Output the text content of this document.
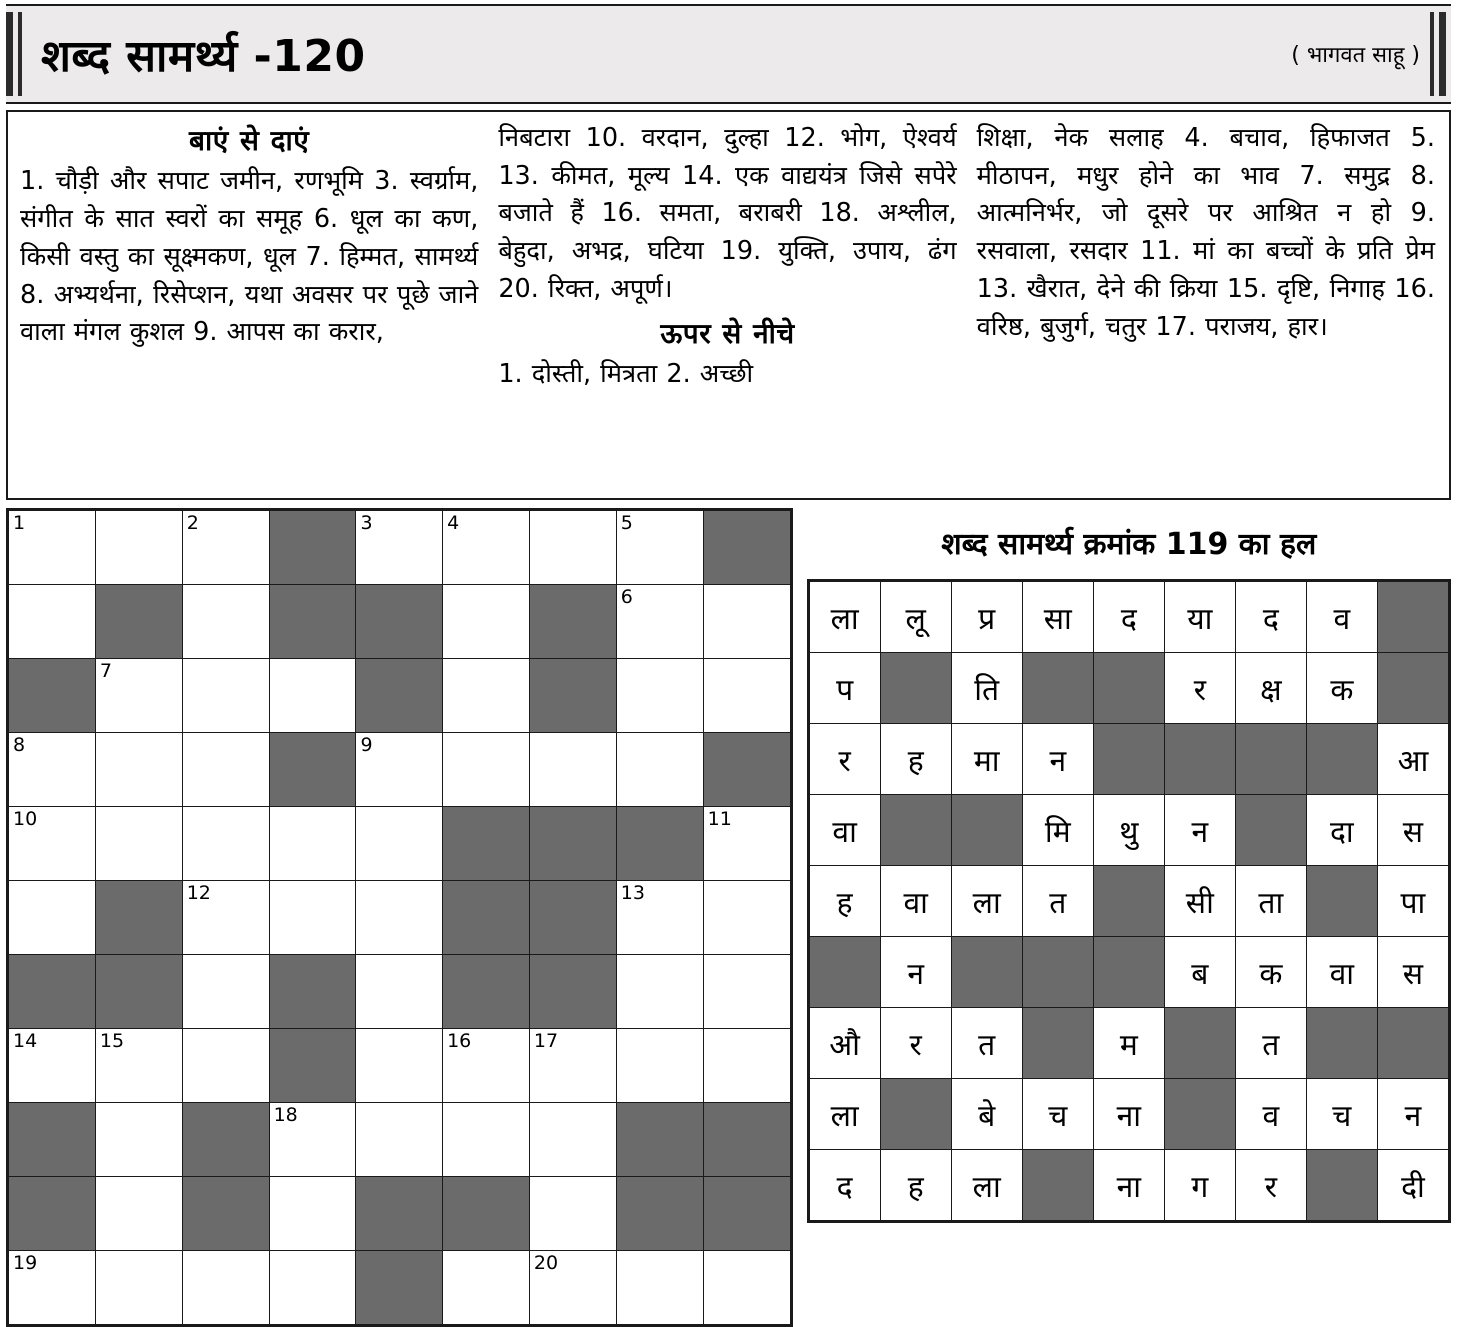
शब्द सामर्थ्य -120	( भागवत साहू )
बाएं से दाएं
1. चौड़ी और सपाट जमीन, रणभूमि 3. स्वर्ग्राम, संगीत के सात स्वरों का समूह 6. धूल का कण, किसी वस्तु का सूक्ष्मकण, धूल 7. हिम्मत, सामर्थ्य 8. अभ्यर्थना, रिसेप्शन, यथा अवसर पर पूछे जाने वाला मंगल कुशल 9. आपस का करार,
निबटारा 10. वरदान, दुल्हा 12. भोग, ऐश्वर्य 13. कीमत, मूल्य 14. एक वाद्ययंत्र जिसे सपेरे बजाते हैं 16. समता, बराबरी 18. अश्लील, बेहुदा, अभद्र, घटिया 19. युक्ति, उपाय, ढंग 20. रिक्त, अपूर्ण।
ऊपर से नीचे
1. दोस्ती, मित्रता 2. अच्छी
शिक्षा, नेक सलाह 4. बचाव, हिफाजत 5. मीठापन, मधुर होने का भाव 7. समुद्र 8. आत्मनिर्भर, जो दूसरे पर आश्रित न हो 9. रसवाला, रसदार 11. मां का बच्चों के प्रति प्रेम 13. खैरात, देने की क्रिया 15. दृष्टि, निगाह 16. वरिष्ठ, बुजुर्ग, चतुर 17. पराजय, हार।
1		2		3	4		5	

							6	

	7							

8				9				

10								11

		12					13	

14	15				16	17		

			18					

19						20		

शब्द सामर्थ्य क्रमांक 119 का हल
ला	लू	प्र	सा	द	या	द	व	
प		ति			र	क्ष	क	
र	ह	मा	न					आ
वा			मि	थु	न		दा	स
ह	वा	ला	त		सी	ता		पा
	न				ब	क	वा	स
औ	र	त		म		त		
ला		बे	च	ना		व	च	न
द	ह	ला		ना	ग	र		दी
